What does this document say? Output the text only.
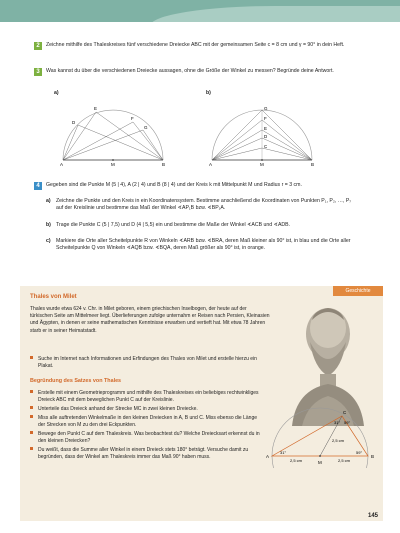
2 Zeichne mithilfe des Thaleskreises fünf verschiedene Dreiecke ABC mit der gemeinsamen Seite c = 8 cm und γ = 90° in dein Heft.
3 Was kannst du über die verschiedenen Dreiecke aussagen, ohne die Größe der Winkel zu messen? Begründe deine Antwort.
a)	b)
A	B
M
D
E
F
G
A	B
M
G
F
E
D
C
4 Gegeben sind die Punkte M (5 | 4), A (2 | 4) und B (8 | 4) und der Kreis k mit Mittelpunkt M und Radius r = 3 cm.
a) Zeichne die Punkte und den Kreis in ein Koordinatensystem. Bestimme anschließend die Koordinaten von Punkten P₁, P₂, …, P₇ auf der Kreislinie und bestimme das Maß der Winkel ∢AP₁B bzw. ∢BP₁A.
b) Trage die Punkte C (5 | 7,5) und D (4 | 5,5) ein und bestimme die Maße der Winkel ∢ACB und ∢ADB.
c) Markiere die Orte aller Scheitelpunkte R von Winkeln ∢ARB bzw. ∢BRA, deren Maß kleiner als 90° ist, in blau und die Orte aller Scheitelpunkte Q von Winkeln ∢AQB bzw. ∢BQA, deren Maß größer als 90° ist, in orange.
Geschichte
Thales von Milet
Thales wurde etwa 624 v. Chr. in Milet geboren, einem griechischen Inselbogen, der heute auf der türkischen Seite am Mittelmeer liegt. Überlieferungen zufolge unternahm er Reisen nach Persien, Kleinasien und Ägypten, in denen er seine mathematischen Kenntnisse erwarben und vertieft hat. Mit etwa 78 Jahren starb er in seiner Heimatstadt.
Suche im Internet nach Informationen und Erfindungen des Thales von Milet und erstelle hierzu ein Plakat.
Begründung des Satzes von Thales
Erstelle mit einem Geometrieprogramm und mithilfe des Thaleskreises ein beliebiges rechtwinkliges Dreieck ABC mit dem beweglichen Punkt C auf der Kreislinie.
Unterteile das Dreieck anhand der Strecke MC in zwei kleinen Dreiecke.
Miss alle auftretenden Winkelmaße in den kleinen Dreiecken in A, B und C. Miss ebenso die Länge der Strecken von M zu den drei Eckpunkten.
Bewege den Punkt C auf dem Thaleskreis. Was beobachtest du? Welche Dreiecksart erkennst du in den kleinen Dreiecken?
Du weißt, dass die Summe aller Winkel in einem Dreieck stets 180° beträgt. Versuche damit zu begründen, dass der Winkel am Thaleskreis immer das Maß 90° haben muss.	A	B
M
C
31°	59°
31° 59°
2,5 cm	2,5 cm
2,5 cm
145
